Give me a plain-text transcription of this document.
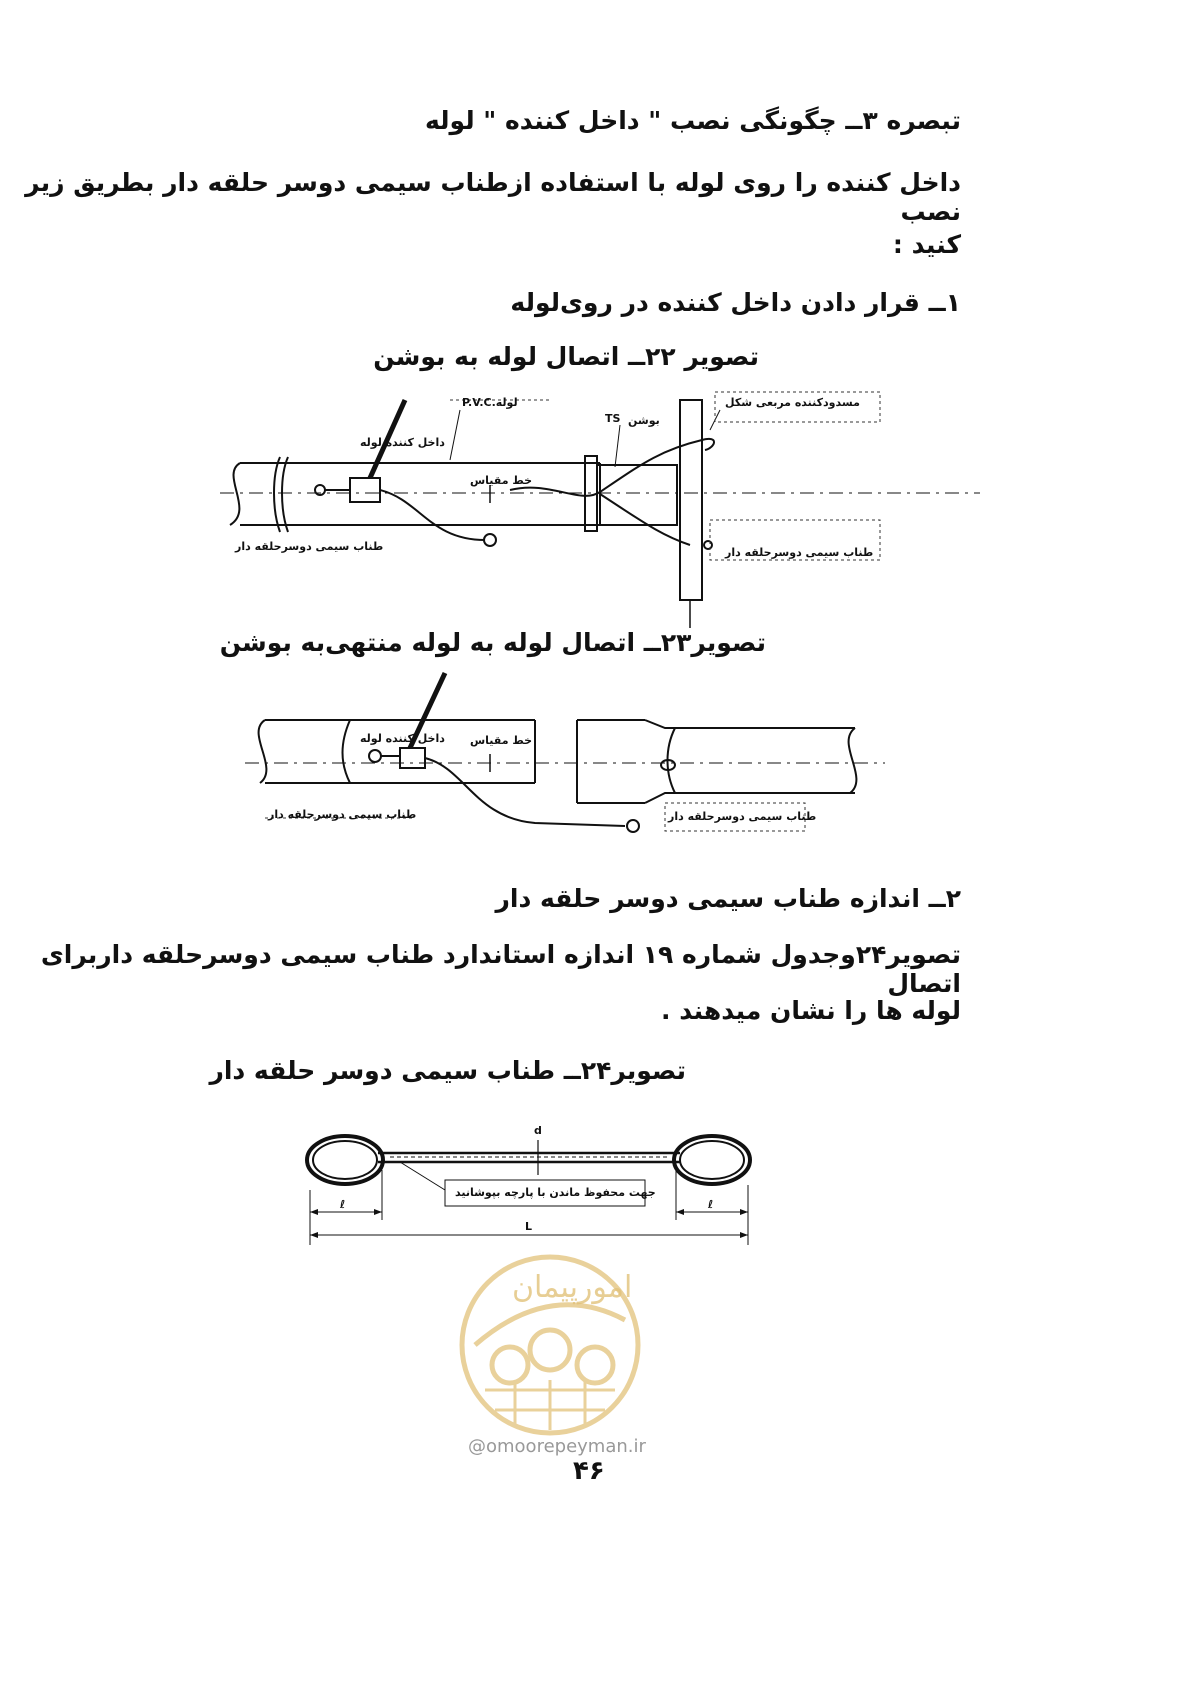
تبصره ۳ــ چگونگی نصب " داخل کننده " لوله
داخل کننده را روی لوله با استفاده ازطناب سیمی دوسر حلقه دار بطریق زیر نصب
کنید :
۱ــ قرار دادن داخل کننده در روی‌لوله
تصویر ۲۲ــ اتصال لوله به بوشن
P.V.C.لوله
داخل کننده لوله
TS بوشن
مسدودکننده مربعی شکل
خط مقیاس
طناب سیمی دوسرحلقه دار	طناب سیمی دوسرحلقه دار
تصویر۲۳ــ اتصال لوله به لوله منتهی‌به بوشن
داخل کننده لوله خط مقیاس
طناب سیمی دوسرحلقه دار	طناب سیمی دوسرحلقه دار
۲ــ اندازه طناب سیمی دوسر حلقه دار
تصویر۲۴وجدول شماره ۱۹ اندازه استاندارد طناب سیمی دوسرحلقه داربرای اتصال
لوله ها را نشان میدهند .
تصویر۲۴ــ طناب سیمی دوسر حلقه دار
d
جهت محفوظ ماندن با پارچه بپوشانید
ℓ	ℓ
L
امورپیمان
@omoorepeyman.ir
۴۶
